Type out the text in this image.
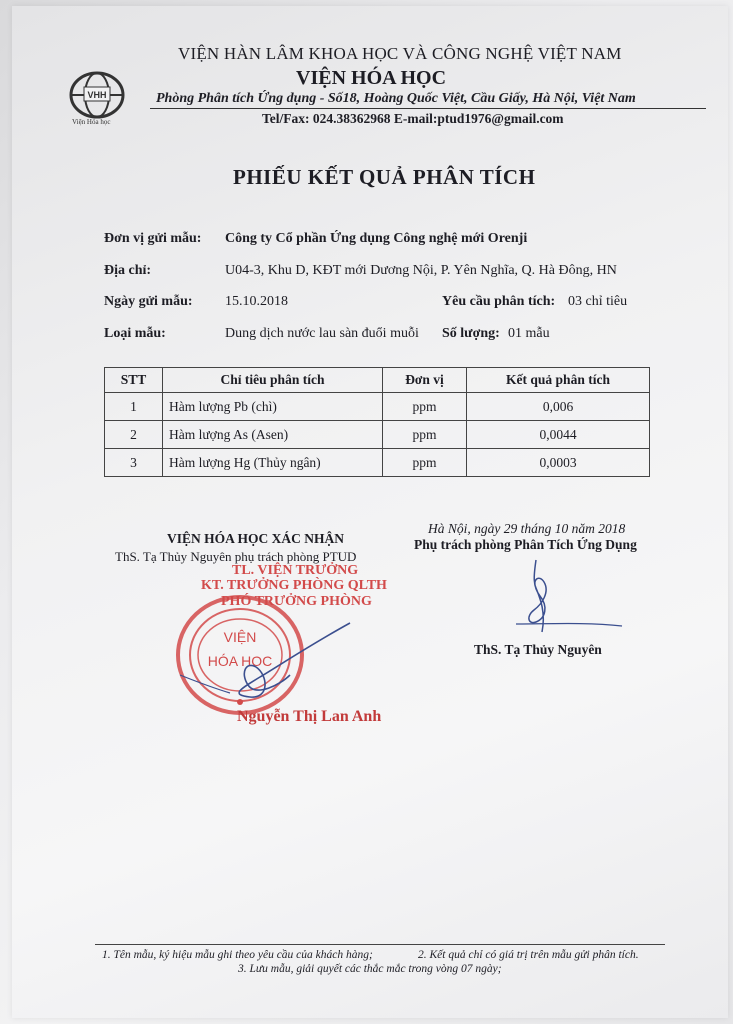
VHH
Viện Hóa học
VIỆN HÀN LÂM KHOA HỌC VÀ CÔNG NGHỆ VIỆT NAM
VIỆN HÓA HỌC
Phòng Phân tích Ứng dụng - Số18, Hoàng Quốc Việt, Cầu Giấy, Hà Nội, Việt Nam
Tel/Fax: 024.38362968 E-mail:ptud1976@gmail.com
PHIẾU KẾT QUẢ PHÂN TÍCH
Đơn vị gửi mẫu: Công ty Cổ phần Ứng dụng Công nghệ mới Orenji
Địa chỉ:	U04-3, Khu D, KĐT mới Dương Nội, P. Yên Nghĩa, Q. Hà Đông, HN
Ngày gửi mẫu: 15.10.2018	Yêu cầu phân tích: 03 chỉ tiêu
Loại mẫu:	Dung dịch nước lau sàn đuổi muỗi Số lượng: 01 mẫu
STT	Chỉ tiêu phân tích	Đơn vị	Kết quả phân tích
1	Hàm lượng Pb (chì)	ppm	0,006
2	Hàm lượng As (Asen)	ppm	0,0044
3	Hàm lượng Hg (Thủy ngân)	ppm	0,0003
Hà Nội, ngày 29 tháng 10 năm 2018
Phụ trách phòng Phân Tích Ứng Dụng
ThS. Tạ Thủy Nguyên
VIỆN HÓA HỌC XÁC NHẬN
ThS. Tạ Thủy Nguyên phụ trách phòng PTUD
TL. VIỆN TRƯỞNG
KT. TRƯỞNG PHÒNG QLTH
PHÓ TRƯỞNG PHÒNG
VIỆN
HÓA HỌC
Nguyễn Thị Lan Anh
1. Tên mẫu, ký hiệu mẫu ghi theo yêu cầu của khách hàng;	2. Kết quả chỉ có giá trị trên mẫu gửi phân tích.
3. Lưu mẫu, giải quyết các thắc mắc trong vòng 07 ngày;
